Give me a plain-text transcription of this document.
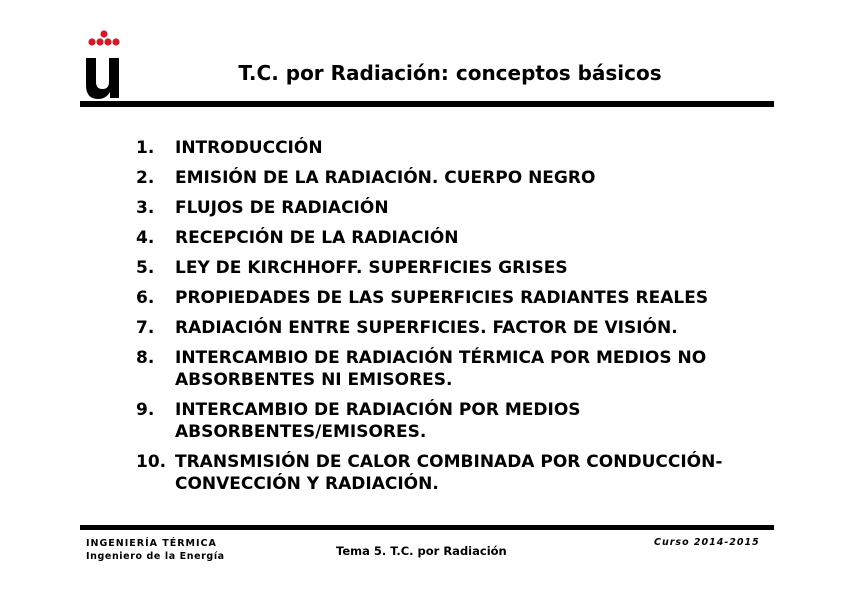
T.C. por Radiación: conceptos básicos
1.	INTRODUCCIÓN
2.	EMISIÓN DE LA RADIACIÓN. CUERPO NEGRO
3.	FLUJOS DE RADIACIÓN
4.	RECEPCIÓN DE LA RADIACIÓN
5.	LEY DE KIRCHHOFF. SUPERFICIES GRISES
6.	PROPIEDADES DE LAS SUPERFICIES RADIANTES REALES
7.	RADIACIÓN ENTRE SUPERFICIES. FACTOR DE VISIÓN.
8.	INTERCAMBIO DE RADIACIÓN TÉRMICA POR MEDIOS NO ABSORBENTES NI EMISORES.
9.	INTERCAMBIO DE RADIACIÓN POR MEDIOS ABSORBENTES/EMISORES.
10. TRANSMISIÓN DE CALOR COMBINADA POR CONDUCCIÓN-CONVECCIÓN Y RADIACIÓN.
INGENIERÍA TÉRMICA
Ingeniero de la Energía	Tema 5. T.C. por Radiación
Curso 2014-2015
